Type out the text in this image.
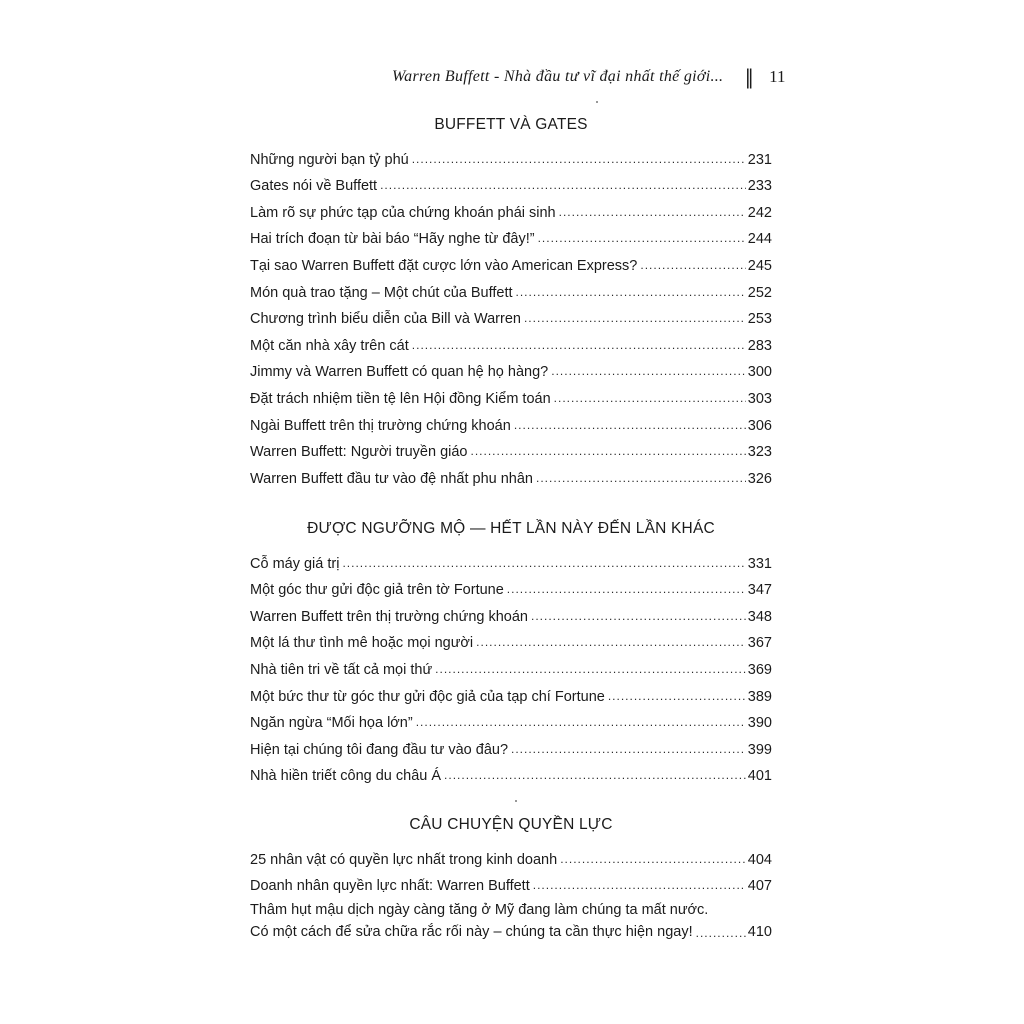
Warren Buffett - Nhà đầu tư vĩ đại nhất thế giới... || 11
BUFFETT VÀ GATES
Những người bạn tỷ phú .....	231
Gates nói về Buffett .....	233
Làm rõ sự phức tạp của chứng khoán phái sinh .....	242
Hai trích đoạn từ bài báo “Hãy nghe từ đây!” .....	244
Tại sao Warren Buffett đặt cược lớn vào American Express? .....	245
Món quà trao tặng – Một chút của Buffett .....	252
Chương trình biểu diễn của Bill và Warren .....	253
Một căn nhà xây trên cát .....	283
Jimmy và Warren Buffett có quan hệ họ hàng? .....	300
Đặt trách nhiệm tiền tệ lên Hội đồng Kiểm toán .....	303
Ngài Buffett trên thị trường chứng khoán .....	306
Warren Buffett: Người truyền giáo .....	323
Warren Buffett đầu tư vào đệ nhất phu nhân .....	326
ĐƯỢC NGƯỠNG MỘ — HẾT LẦN NÀY ĐẾN LẦN KHÁC
Cỗ máy giá trị .....	331
Một góc thư gửi độc giả trên tờ Fortune .....	347
Warren Buffett trên thị trường chứng khoán .....	348
Một lá thư tình mê hoặc mọi người .....	367
Nhà tiên tri về tất cả mọi thứ .....	369
Một bức thư từ góc thư gửi độc giả của tạp chí Fortune .....	389
Ngăn ngừa “Mối họa lớn” .....	390
Hiện tại chúng tôi đang đầu tư vào đâu? .....	399
Nhà hiền triết công du châu Á .....	401
CÂU CHUYỆN QUYỀN LỰC
25 nhân vật có quyền lực nhất trong kinh doanh .....	404
Doanh nhân quyền lực nhất: Warren Buffett .....	407
Thâm hụt mậu dịch ngày càng tăng ở Mỹ đang làm chúng ta mất nước.
Có một cách để sửa chữa rắc rối này – chúng ta cần thực hiện ngay! .....	410
